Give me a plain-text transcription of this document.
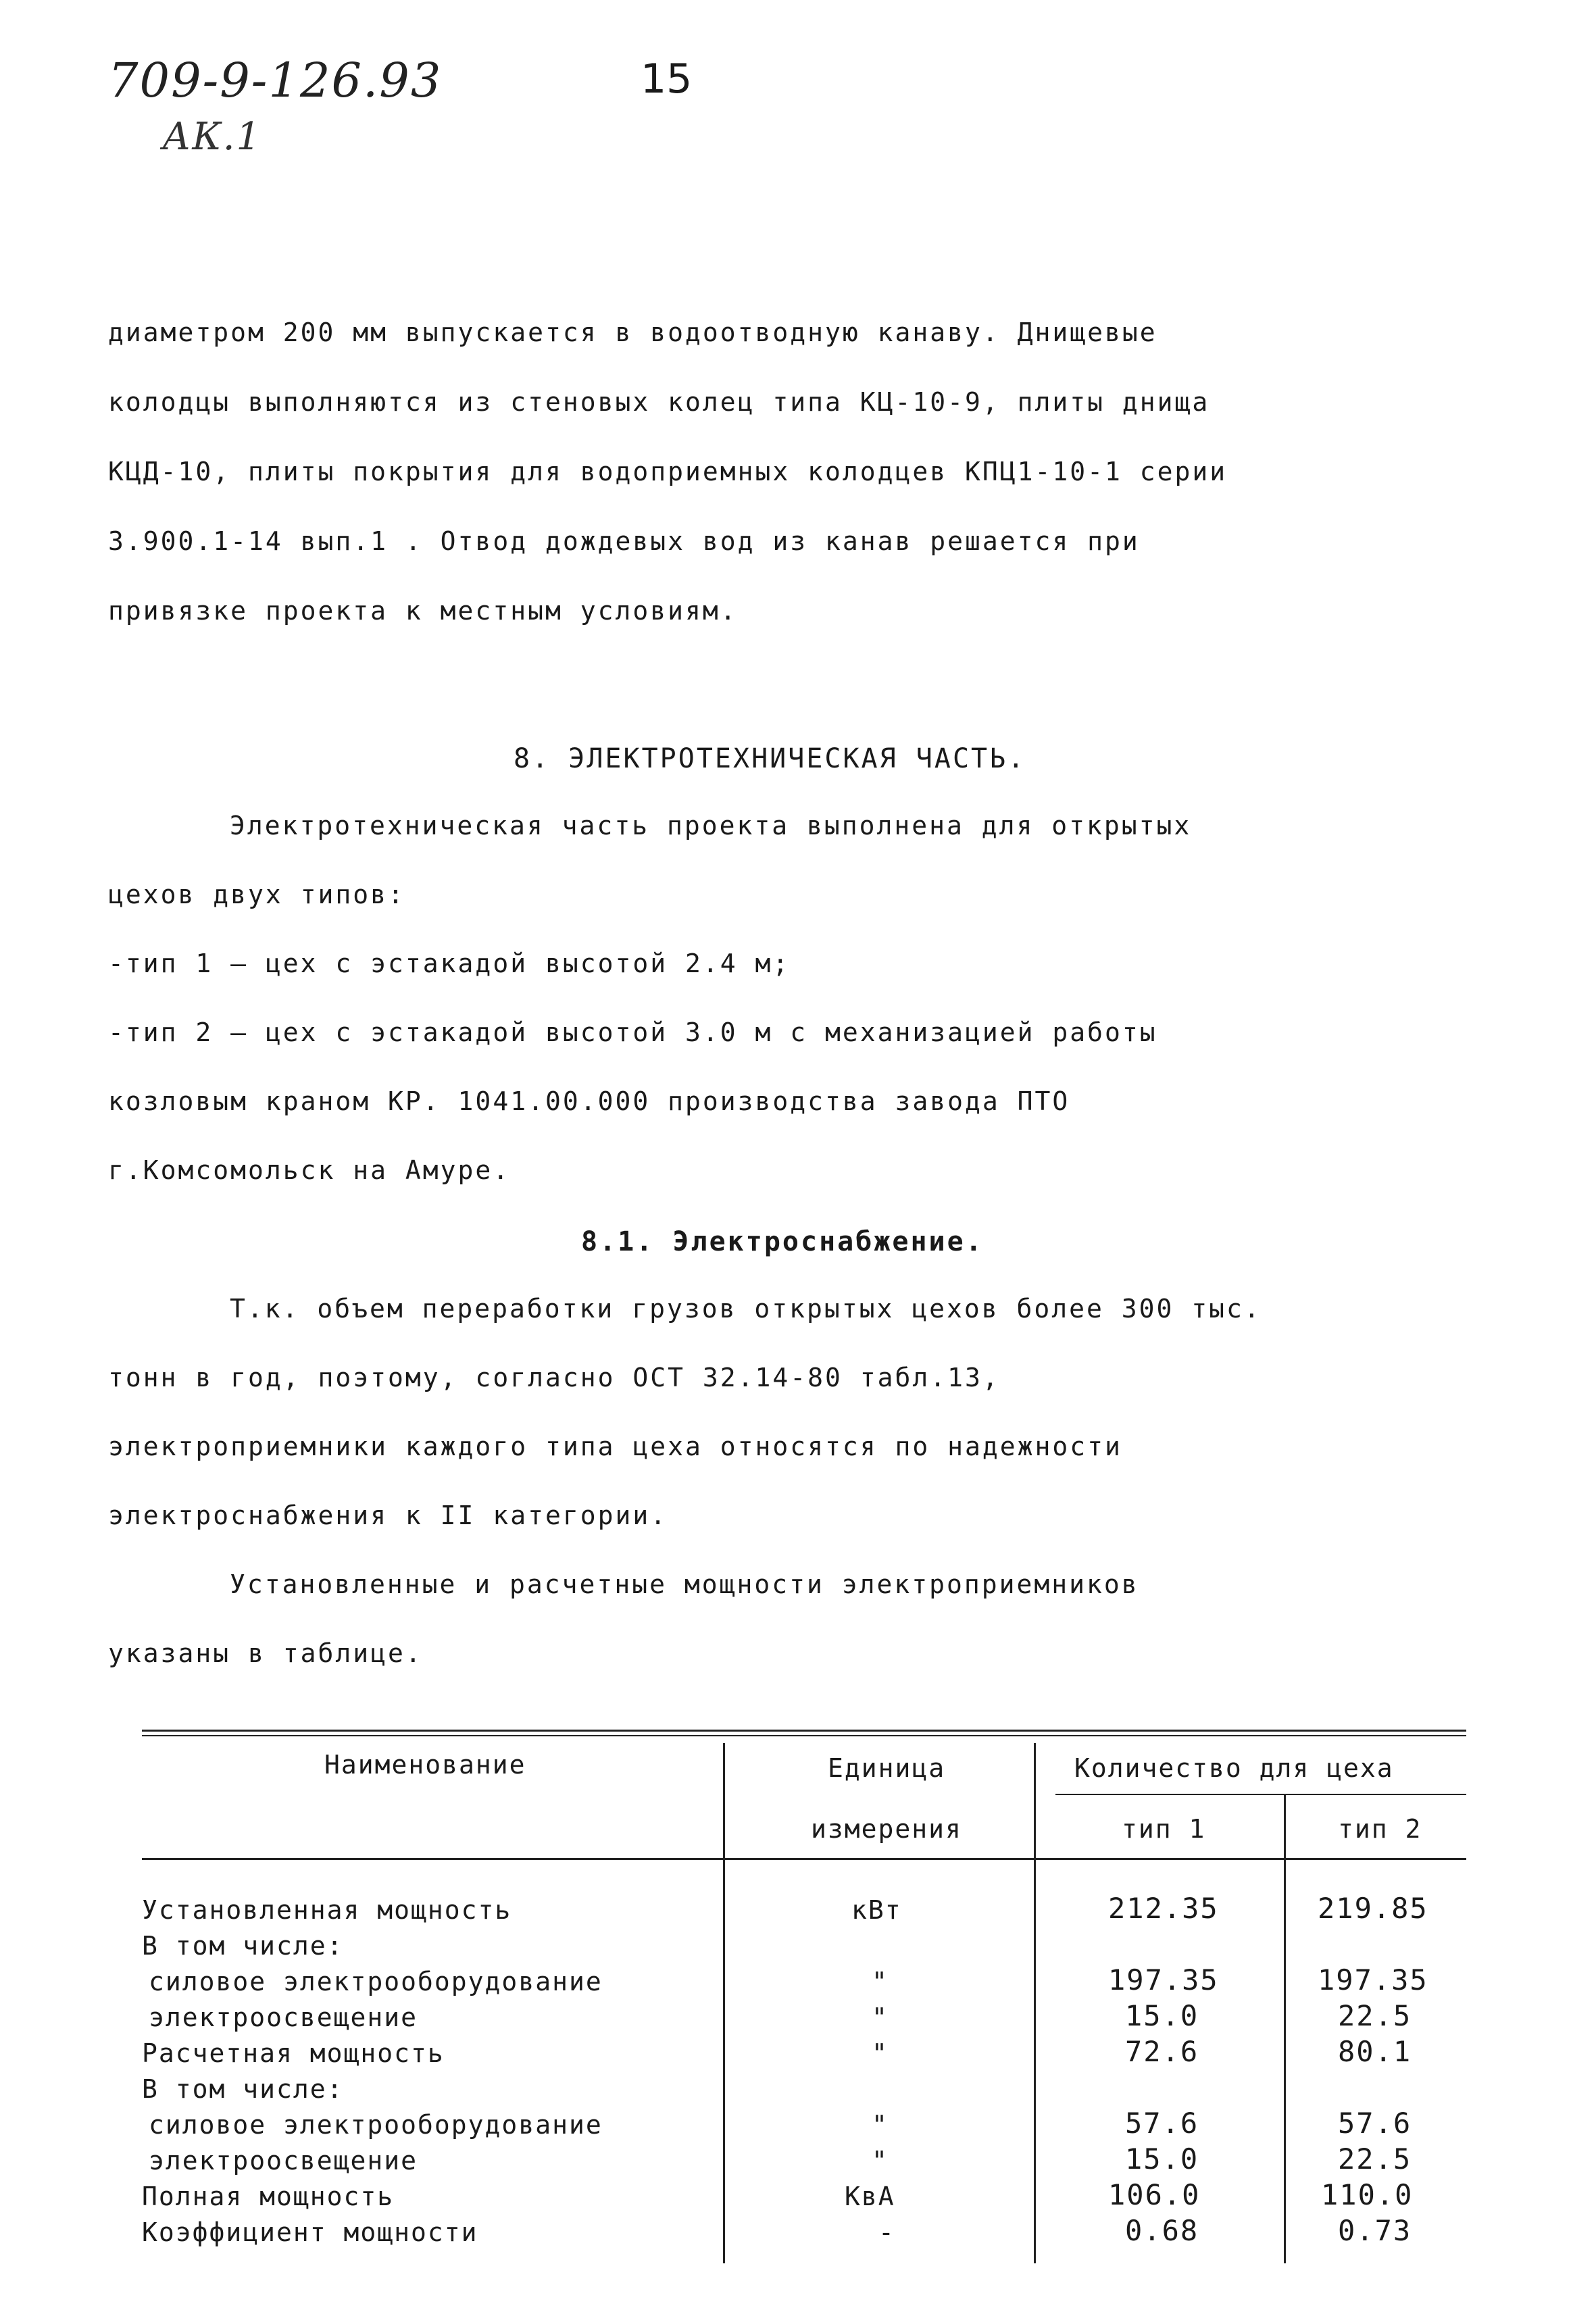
709-9-126.93
АК.1
15
диаметром 200 мм выпускается в водоотводную канаву. Днищевые
колодцы выполняются из стеновых колец типа КЦ-10-9, плиты днища
КЦД-10, плиты покрытия для водоприемных колодцев КПЦ1-10-1 серии
3.900.1-14 вып.1 . Отвод дождевых вод из канав решается при
привязке проекта к местным условиям.
8. ЭЛЕКТРОТЕХНИЧЕСКАЯ ЧАСТЬ.
Электротехническая часть проекта выполнена для открытых
цехов двух типов:
-тип 1 – цех с эстакадой высотой 2.4 м;
-тип 2 – цех с эстакадой высотой 3.0 м с механизацией работы
козловым краном КР. 1041.00.000 производства завода ПТО
г.Комсомольск на Амуре.
8.1. Электроснабжение.
Т.к. объем переработки грузов открытых цехов более 300 тыс.
тонн в год, поэтому, согласно ОСТ 32.14-80 табл.13,
электроприемники каждого типа цеха относятся по надежности
электроснабжения к II категории.
Установленные и расчетные мощности электроприемников
указаны в таблице.
Наименование	Единица
измерения
Количество для цеха
тип 1	тип 2
Установленная мощность	кВт	212.35	219.85
В том числе:
силовое электрооборудование	"	197.35	197.35
электроосвещение	"	15.0	22.5
Расчетная мощность	"	72.6	80.1
В том числе:
силовое электрооборудование	"	57.6	57.6
электроосвещение	"	15.0	22.5
Полная мощность	КвА	106.0	110.0
Коэффициент мощности	-	0.68	0.73
